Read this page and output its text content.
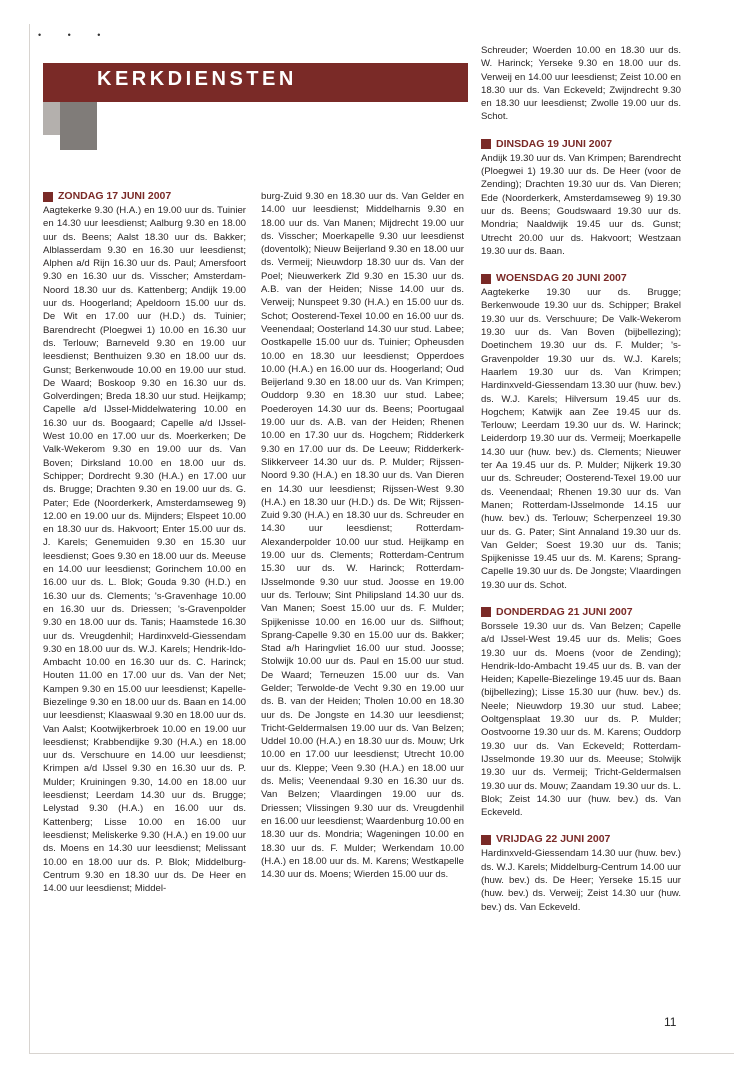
• • •
KERKDIENSTEN
ZONDAG 17 JUNI 2007

Aagtekerke 9.30 (H.A.) en 19.00 uur ds. Tuinier en 14.30 uur leesdienst; Aalburg 9.30 en 18.00 uur ds. Beens; Aalst 18.30 uur ds. Bakker; Alblasserdam 9.30 en 16.30 uur leesdienst; Alphen a/d Rijn 16.30 uur ds. Paul; Amersfoort 9.30 en 16.30 uur ds. Visscher; Amsterdam-Noord 18.30 uur ds. Kattenberg; Andijk 19.00 uur ds. Hoogerland; Apeldoorn 15.00 uur ds. De Wit en 17.00 uur (H.D.) ds. Tuinier; Barendrecht (Ploegwei 1) 10.00 en 16.30 uur ds. Terlouw; Barneveld 9.30 en 19.00 uur leesdienst; Benthuizen 9.30 en 18.00 uur ds. Gunst; Berkenwoude 10.00 en 19.00 uur stud. De Waard; Boskoop 9.30 en 16.30 uur ds. Golverdingen; Breda 18.30 uur stud. Heijkamp; Capelle a/d IJssel-Middelwatering 10.00 en 16.30 uur ds. Boogaard; Capelle a/d IJssel-West 10.00 en 17.00 uur ds. Moerkerken; De Valk-Wekerom 9.30 en 19.00 uur ds. Van Boven; Dirksland 10.00 en 18.00 uur ds. Schipper; Dordrecht 9.30 (H.A.) en 17.00 uur ds. Brugge; Drachten 9.30 en 19.00 uur ds. G. Pater; Ede (Noorderkerk, Amsterdamseweg 9) 12.00 en 19.00 uur ds. Mijnders; Elspeet 10.00 en 18.30 uur ds. Hakvoort; Enter 15.00 uur ds. J. Karels; Genemuiden 9.30 en 15.30 uur leesdienst; Goes 9.30 en 18.00 uur ds. Meeuse en 14.00 uur leesdienst; Gorinchem 10.00 en 16.00 uur ds. L. Blok; Gouda 9.30 (H.D.) en 16.30 uur ds. Clements; 's-Gravenhage 10.00 en 16.30 uur ds. Driessen; 's-Gravenpolder 9.30 en 18.00 uur ds. Tanis; Haamstede 16.30 uur ds. Vreugdenhil; Hardinxveld-Giessendam 9.30 en 18.00 uur ds. W.J. Karels; Hendrik-Ido-Ambacht 10.00 en 16.30 uur ds. C. Harinck; Houten 11.00 en 17.00 uur ds. Van der Net; Kampen 9.30 en 15.00 uur leesdienst; Kapelle-Biezelinge 9.30 en 18.00 uur ds. Baan en 14.00 uur leesdienst; Klaaswaal 9.30 en 18.00 uur ds. Van Aalst; Kootwijkerbroek 10.00 en 19.00 uur leesdienst; Krabbendijke 9.30 (H.A.) en 18.00 uur ds. Verschuure en 14.00 uur leesdienst; Krimpen a/d IJssel 9.30 en 16.30 uur ds. P. Mulder; Kruiningen 9.30, 14.00 en 18.00 uur leesdienst; Leerdam 14.30 uur ds. Brugge; Lelystad 9.30 (H.A.) en 16.00 uur ds. Kattenberg; Lisse 10.00 en 16.00 uur leesdienst; Meliskerke 9.30 (H.A.) en 19.00 uur ds. Moens en 14.30 uur leesdienst; Melissant 10.00 en 18.00 uur ds. P. Blok; Middelburg-Centrum 9.30 en 18.30 uur ds. De Heer en 14.00 uur leesdienst; Middel-

burg-Zuid 9.30 en 18.30 uur ds. Van Gelder en 14.00 uur leesdienst; Middelharnis 9.30 en 18.00 uur ds. Van Manen; Mijdrecht 19.00 uur ds. Visscher; Moerkapelle 9.30 uur leesdienst (doventolk); Nieuw Beijerland 9.30 en 18.00 uur ds. Vermeij; Nieuwdorp 18.30 uur ds. Van der Poel; Nieuwerkerk Zld 9.30 en 15.30 uur ds. A.B. van der Heiden; Nisse 14.00 uur ds. Verweij; Nunspeet 9.30 (H.A.) en 15.00 uur ds. Schot; Oosterend-Texel 10.00 en 16.00 uur ds. Veenendaal; Oosterland 14.30 uur stud. Labee; Oostkapelle 15.00 uur ds. Tuinier; Opheusden 10.00 en 18.30 uur leesdienst; Opperdoes 10.00 (H.A.) en 16.00 uur ds. Hoogerland; Oud Beijerland 9.30 en 18.00 uur ds. Van Krimpen; Ouddorp 9.30 en 18.30 uur stud. Labee; Poederoyen 14.30 uur ds. Beens; Poortugaal 19.00 uur ds. A.B. van der Heiden; Rhenen 10.00 en 17.30 uur ds. Hogchem; Ridderkerk 9.30 en 17.00 uur ds. De Leeuw; Ridderkerk-Slikkerveer 14.30 uur ds. P. Mulder; Rijssen-Noord 9.30 (H.A.) en 18.30 uur ds. Van Dieren en 14.30 uur leesdienst; Rijssen-West 9.30 (H.A.) en 18.30 uur (H.D.) ds. De Wit; Rijssen-Zuid 9.30 (H.A.) en 18.30 uur ds. Schreuder en 14.30 uur leesdienst; Rotterdam-Alexanderpolder 10.00 uur stud. Heijkamp en 19.00 uur ds. Clements; Rotterdam-Centrum 15.30 uur ds. W. Harinck; Rotterdam-IJsselmonde 9.30 uur stud. Joosse en 19.00 uur ds. Terlouw; Sint Philipsland 14.30 uur ds. Van Manen; Soest 15.00 uur ds. F. Mulder; Spijkenisse 10.00 en 16.00 uur ds. Silfhout; Sprang-Capelle 9.30 en 15.00 uur ds. Bakker; Stad a/h Haringvliet 16.00 uur stud. Joosse; Stolwijk 10.00 uur ds. Paul en 15.00 uur stud. De Waard; Terneuzen 15.00 uur ds. Van Gelder; Terwolde-de Vecht 9.30 en 19.00 uur ds. B. van der Heiden; Tholen 10.00 en 18.30 uur ds. De Jongste en 14.30 uur leesdienst; Tricht-Geldermalsen 19.00 uur ds. Van Belzen; Uddel 10.00 (H.A.) en 18.30 uur ds. Mouw; Urk 10.00 en 17.00 uur leesdienst; Utrecht 10.00 uur ds. Kleppe; Veen 9.30 (H.A.) en 18.00 uur ds. Melis; Veenendaal 9.30 en 16.30 uur ds. Van Belzen; Vlaardingen 19.00 uur ds. Driessen; Vlissingen 9.30 uur ds. Vreugdenhil en 16.00 uur leesdienst; Waardenburg 10.00 en 18.30 uur ds. Mondria; Wageningen 10.00 en 18.30 uur ds. F. Mulder; Werkendam 10.00 (H.A.) en 18.00 uur ds. M. Karens; Westkapelle 14.30 uur ds. Moens; Wierden 15.00 uur ds.

Schreuder; Woerden 10.00 en 18.30 uur ds. W. Harinck; Yerseke 9.30 en 18.00 uur ds. Verweij en 14.00 uur leesdienst; Zeist 10.00 en 18.30 uur ds. Van Eckeveld; Zwijndrecht 9.30 en 18.30 uur leesdienst; Zwolle 19.00 uur ds. Schot.

DINSDAG 19 JUNI 2007

Andijk 19.30 uur ds. Van Krimpen; Barendrecht (Ploegwei 1) 19.30 uur ds. De Heer (voor de Zending); Drachten 19.30 uur ds. Van Dieren; Ede (Noorderkerk, Amsterdamseweg 9) 19.30 uur ds. Beens; Goudswaard 19.30 uur ds. Mondria; Naaldwijk 19.45 uur ds. Gunst; Utrecht 20.00 uur ds. Hakvoort; Westzaan 19.30 uur ds. Baan.

WOENSDAG 20 JUNI 2007

Aagtekerke 19.30 uur ds. Brugge; Berkenwoude 19.30 uur ds. Schipper; Brakel 19.30 uur ds. Verschuure; De Valk-Wekerom 19.30 uur ds. Van Boven (bijbellezing); Doetinchem 19.30 uur ds. F. Mulder; 's-Gravenpolder 19.30 uur ds. W.J. Karels; Haarlem 19.30 uur ds. Van Krimpen; Hardinxveld-Giessendam 13.30 uur (huw. bev.) ds. W.J. Karels; Hilversum 19.45 uur ds. Hogchem; Katwijk aan Zee 19.45 uur ds. Terlouw; Leerdam 19.30 uur ds. W. Harinck; Leiderdorp 19.30 uur ds. Vermeij; Moerkapelle 14.30 uur (huw. bev.) ds. Clements; Nieuwer ter Aa 19.45 uur ds. P. Mulder; Nijkerk 19.30 uur ds. Schreuder; Oosterend-Texel 19.00 uur ds. Veenendaal; Rhenen 19.30 uur ds. Van Manen; Rotterdam-IJsselmonde 14.15 uur (huw. bev.) ds. Terlouw; Scherpenzeel 19.30 uur ds. G. Pater; Sint Annaland 19.30 uur ds. Van Gelder; Soest 19.30 uur ds. Tanis; Spijkenisse 19.45 uur ds. M. Karens; Sprang-Capelle 19.30 uur ds. De Jongste; Vlaardingen 19.30 uur ds. Schot.

DONDERDAG 21 JUNI 2007

Borssele 19.30 uur ds. Van Belzen; Capelle a/d IJssel-West 19.45 uur ds. Melis; Goes 19.30 uur ds. Moens (voor de Zending); Hendrik-Ido-Ambacht 19.45 uur ds. B. van der Heiden; Kapelle-Biezelinge 19.45 uur ds. Baan (bijbellezing); Lisse 15.30 uur (huw. bev.) ds. Neele; Nieuwdorp 19.30 uur stud. Labee; Ooltgensplaat 19.30 uur ds. P. Mulder; Oostvoorne 19.30 uur ds. M. Karens; Ouddorp 19.30 uur ds. Van Eckeveld; Rotterdam-IJsselmonde 19.30 uur ds. Meeuse; Stolwijk 19.30 uur ds. Vermeij; Tricht-Geldermalsen 19.30 uur ds. Mouw; Zaandam 19.30 uur ds. L. Blok; Zeist 14.30 uur (huw. bev.) ds. Van Eckeveld.

VRIJDAG 22 JUNI 2007

Hardinxveld-Giessendam 14.30 uur (huw. bev.) ds. W.J. Karels; Middelburg-Centrum 14.00 uur (huw. bev.) ds. De Heer; Yerseke 15.15 uur (huw. bev.) ds. Verweij; Zeist 14.30 uur (huw. bev.) ds. Van Eckeveld.

11
